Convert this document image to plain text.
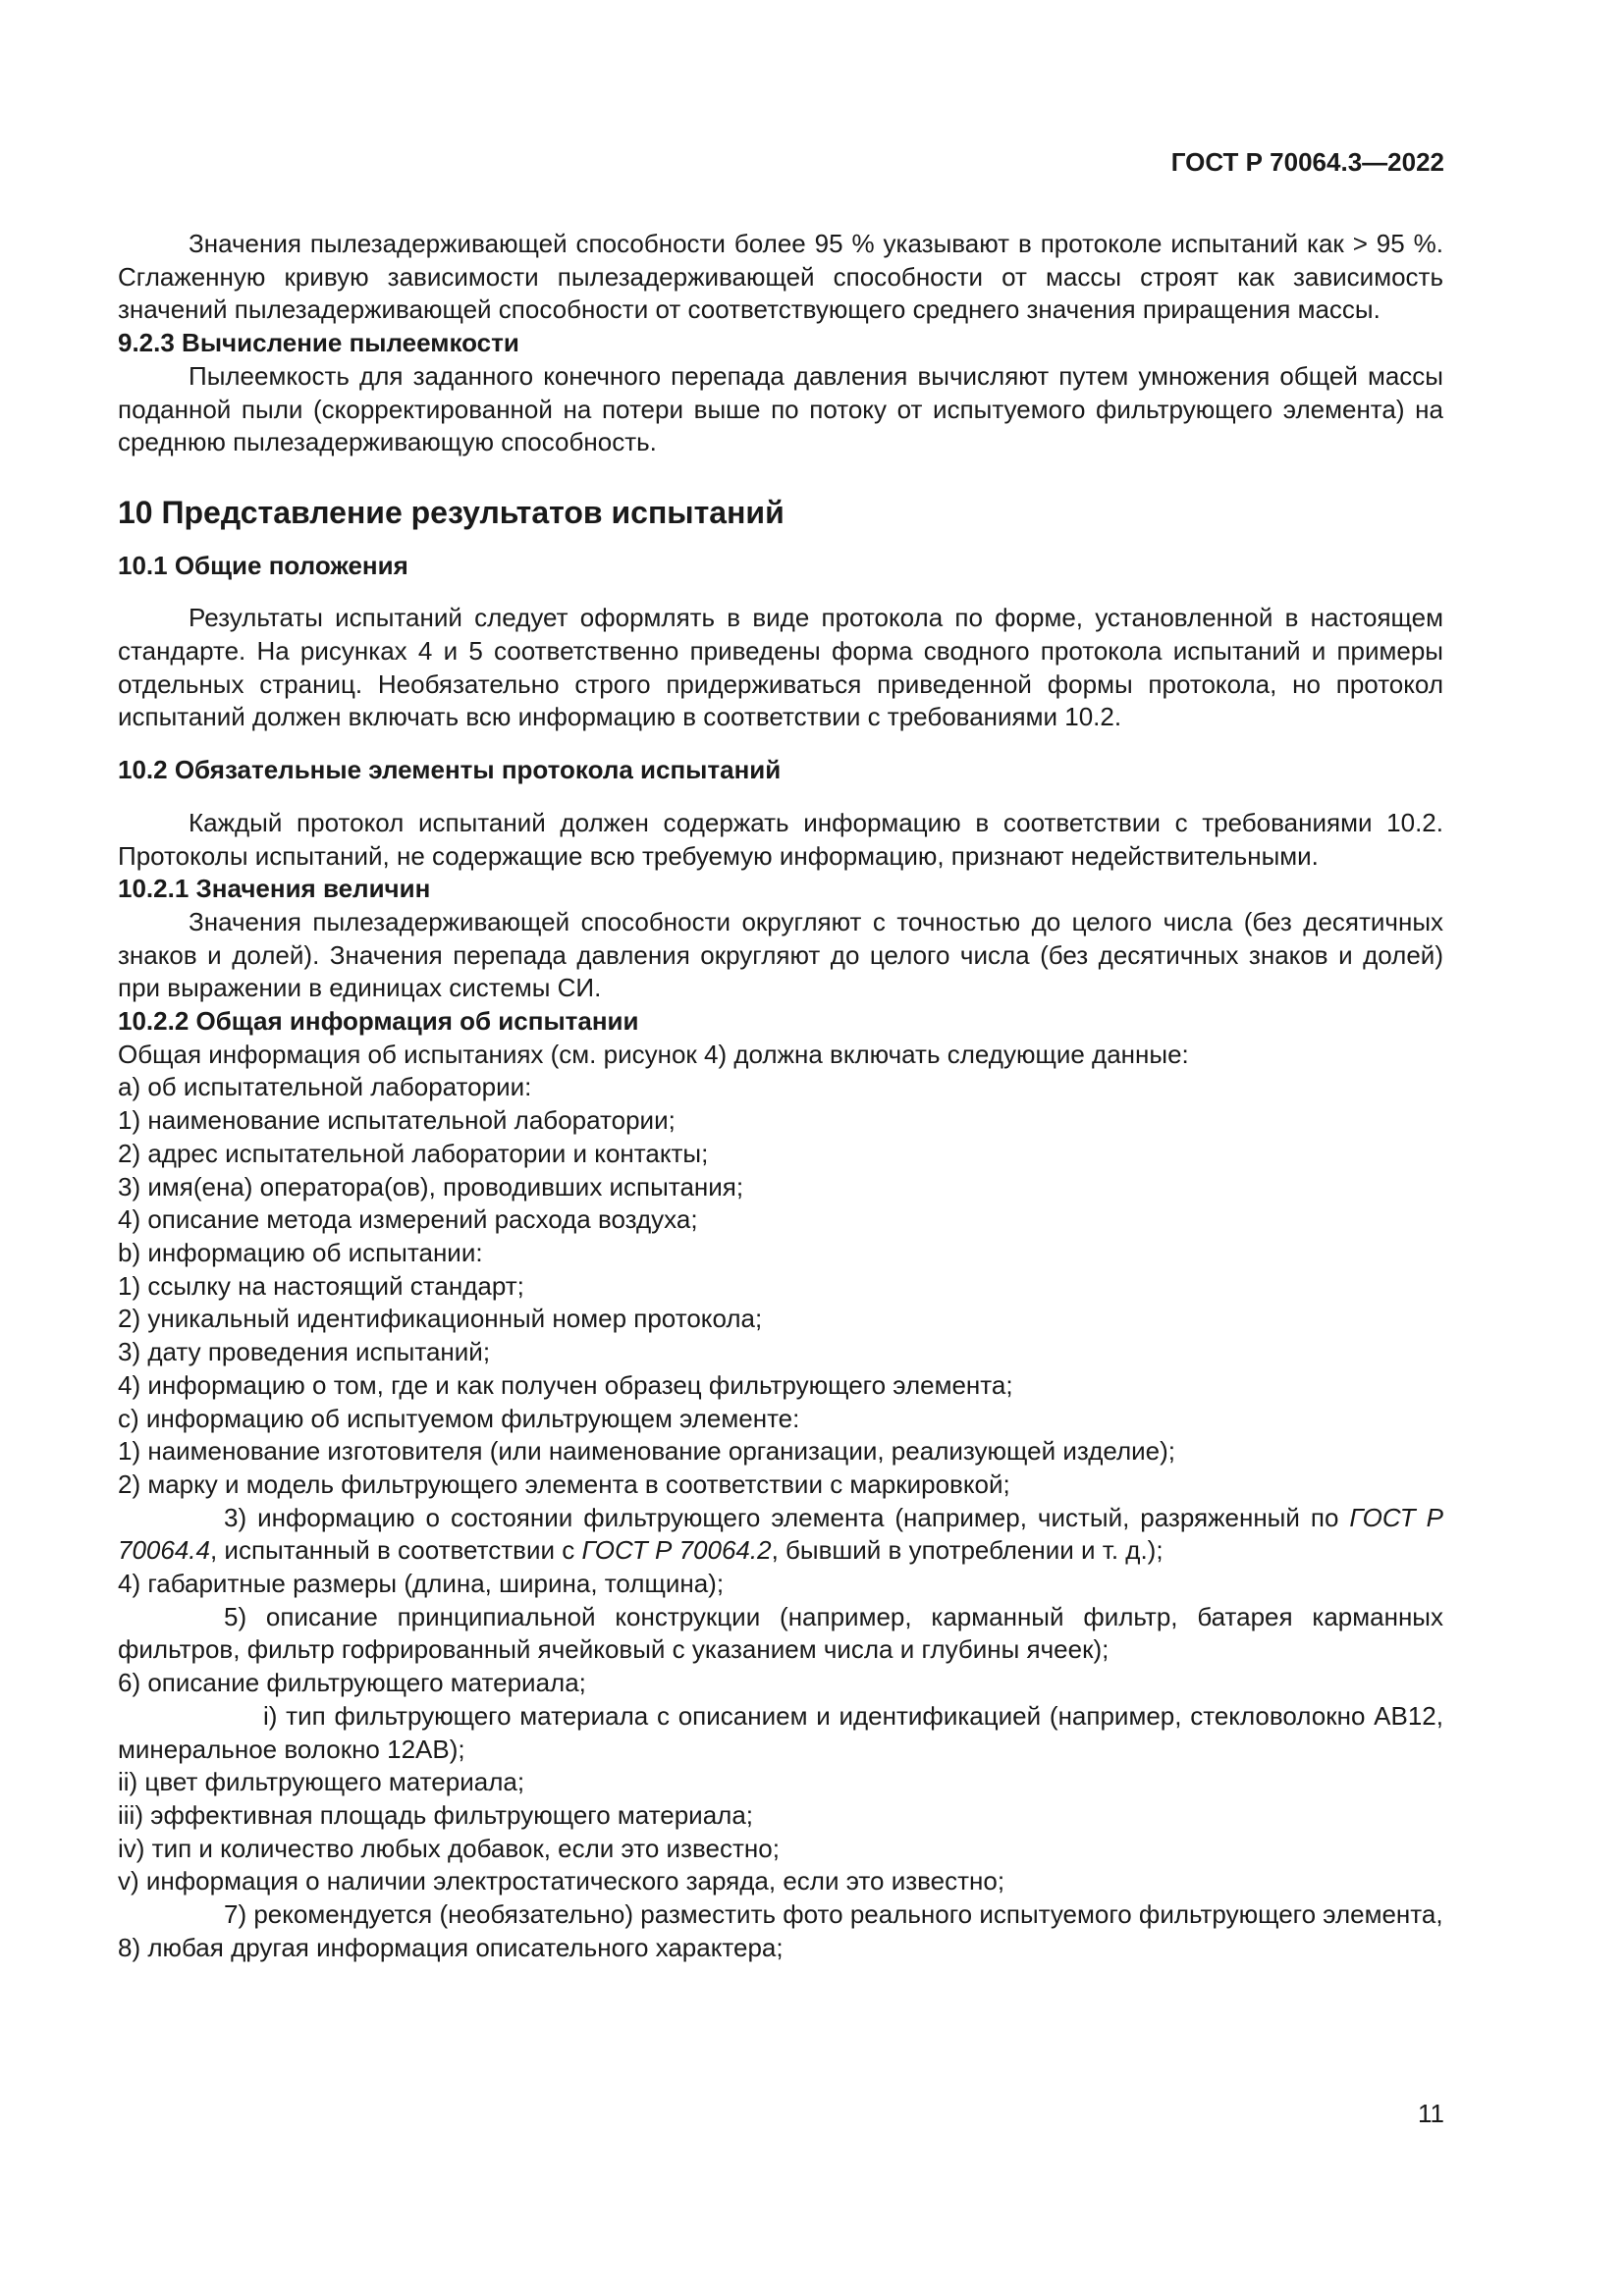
ГОСТ Р 70064.3—2022

Значения пылезадерживающей способности более 95 % указывают в протоколе испытаний как > 95 %. Сглаженную кривую зависимости пылезадерживающей способности от массы строят как зависимость значений пылезадерживающей способности от соответствующего среднего значения приращения массы.

9.2.3 Вычисление пылеемкости

Пылеемкость для заданного конечного перепада давления вычисляют путем умножения общей массы поданной пыли (скорректированной на потери выше по потоку от испытуемого фильтрующего элемента) на среднюю пылезадерживающую способность.

10 Представление результатов испытаний

10.1 Общие положения

Результаты испытаний следует оформлять в виде протокола по форме, установленной в настоящем стандарте. На рисунках 4 и 5 соответственно приведены форма сводного протокола испытаний и примеры отдельных страниц. Необязательно строго придерживаться приведенной формы протокола, но протокол испытаний должен включать всю информацию в соответствии с требованиями 10.2.

10.2 Обязательные элементы протокола испытаний

Каждый протокол испытаний должен содержать информацию в соответствии с требованиями 10.2. Протоколы испытаний, не содержащие всю требуемую информацию, признают недействительными.

10.2.1 Значения величин

Значения пылезадерживающей способности округляют с точностью до целого числа (без десятичных знаков и долей). Значения перепада давления округляют до целого числа (без десятичных знаков и долей) при выражении в единицах системы СИ.

10.2.2 Общая информация об испытании

Общая информация об испытаниях (см. рисунок 4) должна включать следующие данные:

а) об испытательной лаборатории:

1) наименование испытательной лаборатории;

2) адрес испытательной лаборатории и контакты;

3) имя(ена) оператора(ов), проводивших испытания;

4) описание метода измерений расхода воздуха;

b) информацию об испытании:

1) ссылку на настоящий стандарт;

2) уникальный идентификационный номер протокола;

3) дату проведения испытаний;

4) информацию о том, где и как получен образец фильтрующего элемента;

с) информацию об испытуемом фильтрующем элементе:

1) наименование изготовителя (или наименование организации, реализующей изделие);

2) марку и модель фильтрующего элемента в соответствии с маркировкой;

3) информацию о состоянии фильтрующего элемента (например, чистый, разряженный по ГОСТ Р 70064.4, испытанный в соответствии с ГОСТ Р 70064.2, бывший в употреблении и т. д.);

4) габаритные размеры (длина, ширина, толщина);

5) описание принципиальной конструкции (например, карманный фильтр, батарея карманных фильтров, фильтр гофрированный ячейковый с указанием числа и глубины ячеек);

6) описание фильтрующего материала;

i) тип фильтрующего материала с описанием и идентификацией (например, стекловолокно АВ12, минеральное волокно 12АВ);

ii) цвет фильтрующего материала;

iii) эффективная площадь фильтрующего материала;

iv) тип и количество любых добавок, если это известно;

v) информация о наличии электростатического заряда, если это известно;

7) рекомендуется (необязательно) разместить фото реального испытуемого фильтрующего элемента,

8) любая другая информация описательного характера;

11
